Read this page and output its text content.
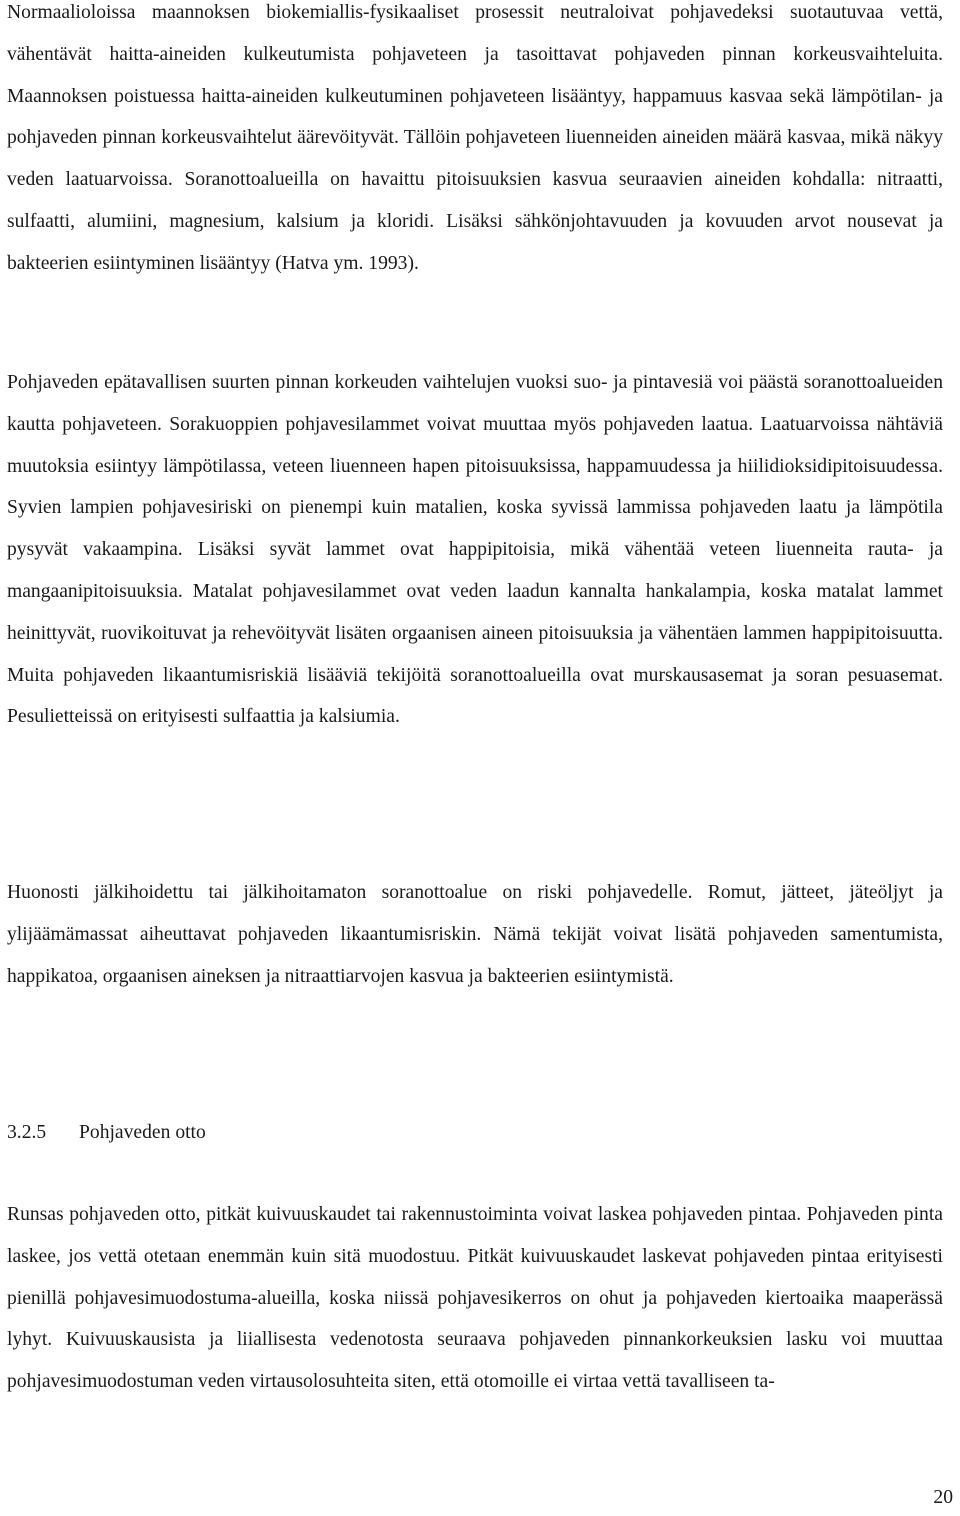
Normaalioloissa maannoksen biokemiallis-fysikaaliset prosessit neutraloivat pohjavedeksi suotautuvaa vettä, vähentävät haitta-aineiden kulkeutumista pohjaveteen ja tasoittavat pohjaveden pinnan korkeusvaihteluita. Maannoksen poistuessa haitta-aineiden kulkeutuminen pohjaveteen lisääntyy, happamuus kasvaa sekä lämpötilan- ja pohjaveden pinnan korkeusvaihtelut äärevöityvät. Tällöin pohjaveteen liuenneiden aineiden määrä kasvaa, mikä näkyy veden laatuarvoissa. Soranottoalueilla on havaittu pitoisuuksien kasvua seuraavien aineiden kohdalla: nitraatti, sulfaatti, alumiini, magnesium, kalsium ja kloridi. Lisäksi sähkönjohtavuuden ja kovuuden arvot nousevat ja bakteerien esiintyminen lisääntyy (Hatva ym. 1993).

Pohjaveden epätavallisen suurten pinnan korkeuden vaihtelujen vuoksi suo- ja pintavesiä voi päästä soranottoalueiden kautta pohjaveteen. Sorakuoppien pohjavesilammet voivat muuttaa myös pohjaveden laatua. Laatuarvoissa nähtäviä muutoksia esiintyy lämpötilassa, veteen liuenneen hapen pitoisuuksissa, happamuudessa ja hiilidioksidipitoisuudessa. Syvien lampien pohjavesiriski on pienempi kuin matalien, koska syvissä lammissa pohjaveden laatu ja lämpötila pysyvät vakaampina. Lisäksi syvät lammet ovat happipitoisia, mikä vähentää veteen liuenneita rauta- ja mangaanipitoisuuksia. Matalat pohjavesilammet ovat veden laadun kannalta hankalampia, koska matalat lammet heinittyvät, ruovikoituvat ja rehevöityvät lisäten orgaanisen aineen pitoisuuksia ja vähentäen lammen happipitoisuutta. Muita pohjaveden likaantumisriskiä lisääviä tekijöitä soranottoalueilla ovat murskausasemat ja soran pesuasemat. Pesulietteissä on erityisesti sulfaattia ja kalsiumia.

Huonosti jälkihoidettu tai jälkihoitamaton soranottoalue on riski pohjavedelle. Romut, jätteet, jäteöljyt ja ylijäämämassat aiheuttavat pohjaveden likaantumisriskin. Nämä tekijät voivat lisätä pohjaveden samentumista, happikatoa, orgaanisen aineksen ja nitraattiarvojen kasvua ja bakteerien esiintymistä.

3.2.5 Pohjaveden otto

Runsas pohjaveden otto, pitkät kuivuuskaudet tai rakennustoiminta voivat laskea pohjaveden pintaa. Pohjaveden pinta laskee, jos vettä otetaan enemmän kuin sitä muodostuu. Pitkät kuivuuskaudet laskevat pohjaveden pintaa erityisesti pienillä pohjavesimuodostuma-alueilla, koska niissä pohjavesikerros on ohut ja pohjaveden kiertoaika maaperässä lyhyt. Kuivuuskausista ja liiallisesta vedenotosta seuraava pohjaveden pinnankorkeuksien lasku voi muuttaa pohjavesimuodostuman veden virtausolosuhteita siten, että otomoille ei virtaa vettä tavalliseen ta-

20
